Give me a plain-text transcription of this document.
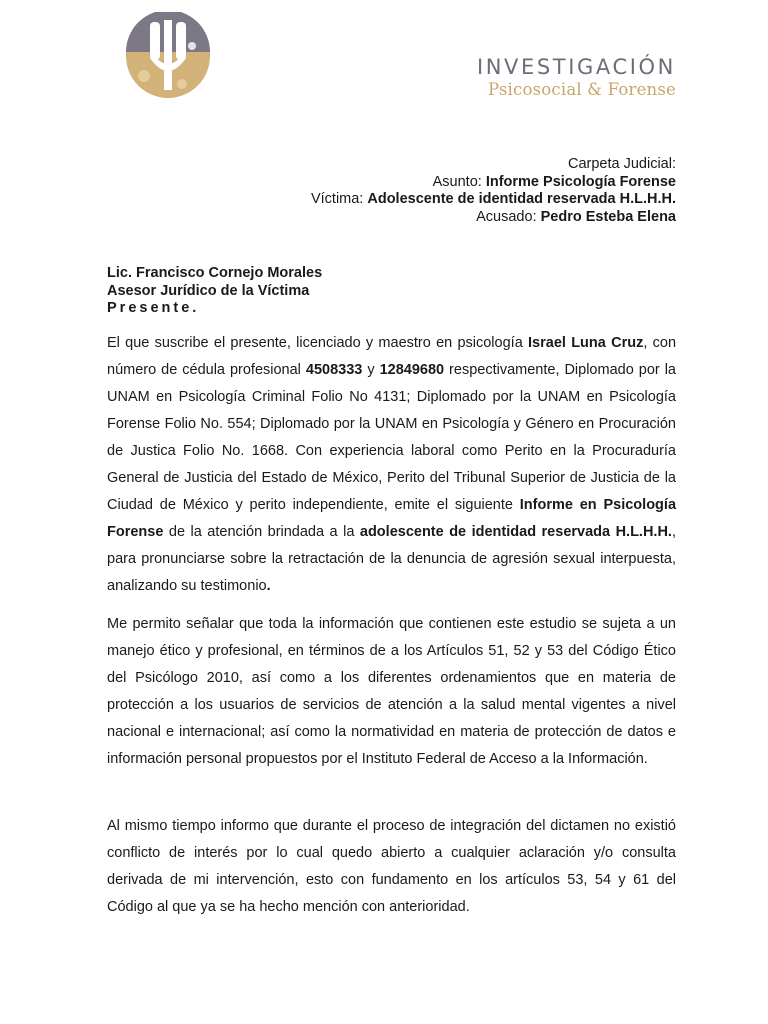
INVESTIGACIÓN
Psicosocial & Forense
Carpeta Judicial:
Asunto: Informe Psicología Forense
Víctima: Adolescente de identidad reservada H.L.H.H.
Acusado: Pedro Esteba Elena
Lic. Francisco Cornejo Morales
Asesor Jurídico de la Víctima
Presente.
El que suscribe el presente, licenciado y maestro en psicología Israel Luna Cruz, con número de cédula profesional 4508333 y 12849680 respectivamente, Diplomado por la UNAM en Psicología Criminal Folio No 4131; Diplomado por la UNAM en Psicología Forense Folio No. 554; Diplomado por la UNAM en Psicología y Género en Procuración de Justica Folio No. 1668. Con experiencia laboral como Perito en la Procuraduría General de Justicia del Estado de México, Perito del Tribunal Superior de Justicia de la Ciudad de México y perito independiente, emite el siguiente Informe en Psicología Forense de la atención brindada a la adolescente de identidad reservada H.L.H.H., para pronunciarse sobre la retractación de la denuncia de agresión sexual interpuesta, analizando su testimonio.
Me permito señalar que toda la información que contienen este estudio se sujeta a un manejo ético y profesional, en términos de a los Artículos 51, 52 y 53 del Código Ético del Psicólogo 2010, así como a los diferentes ordenamientos que en materia de protección a los usuarios de servicios de atención a la salud mental vigentes a nivel nacional e internacional; así como la normatividad en materia de protección de datos e información personal propuestos por el Instituto Federal de Acceso a la Información.
Al mismo tiempo informo que durante el proceso de integración del dictamen no existió conflicto de interés por lo cual quedo abierto a cualquier aclaración y/o consulta derivada de mi intervención, esto con fundamento en los artículos 53, 54 y 61 del Código al que ya se ha hecho mención con anterioridad.
